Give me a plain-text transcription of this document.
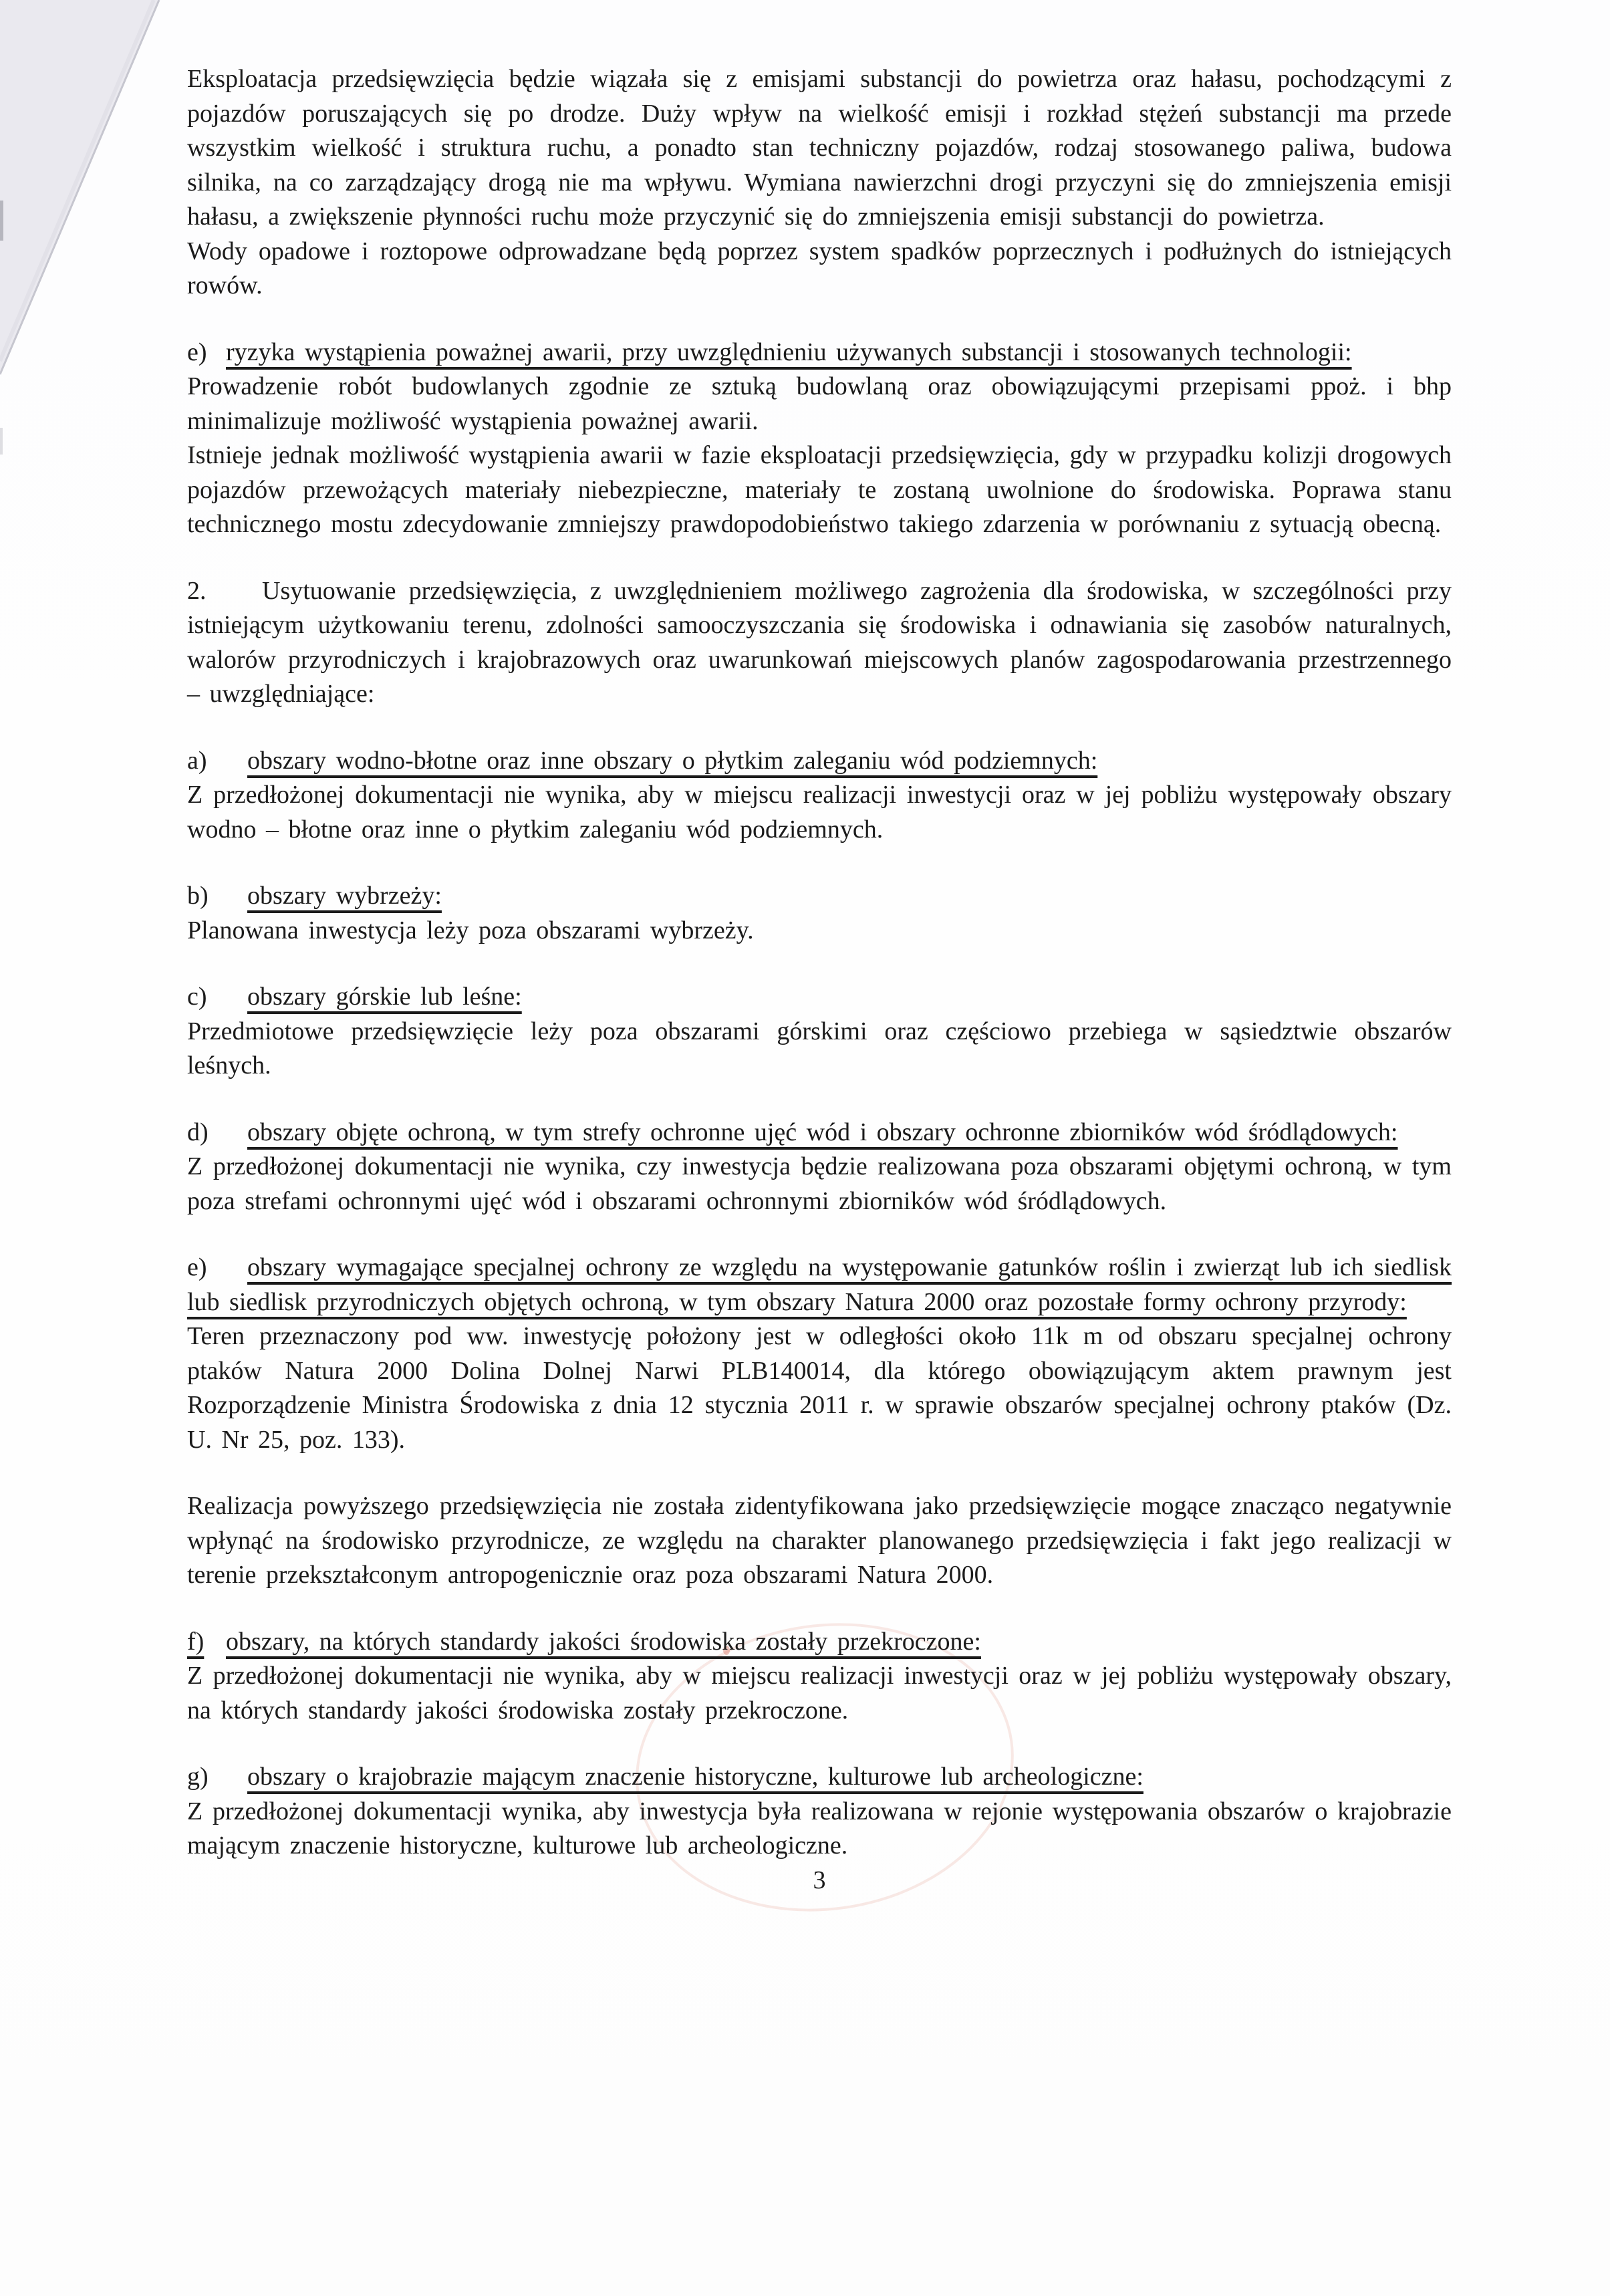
Eksploatacja przedsięwzięcia będzie wiązała się z emisjami substancji do powietrza oraz hałasu, pochodzącymi z pojazdów poruszających się po drodze. Duży wpływ na wielkość emisji i rozkład stężeń substancji ma przede wszystkim wielkość i struktura ruchu, a ponadto stan techniczny pojazdów, rodzaj stosowanego paliwa, budowa silnika, na co zarządzający drogą nie ma wpływu. Wymiana nawierzchni drogi przyczyni się do zmniejszenia emisji hałasu, a zwiększenie płynności ruchu może przyczynić się do zmniejszenia emisji substancji do powietrza.

Wody opadowe i roztopowe odprowadzane będą poprzez system spadków poprzecznych i podłużnych do istniejących rowów.

e) ryzyka wystąpienia poważnej awarii, przy uwzględnieniu używanych substancji i stosowanych technologii:

Prowadzenie robót budowlanych zgodnie ze sztuką budowlaną oraz obowiązującymi przepisami ppoż. i bhp minimalizuje możliwość wystąpienia poważnej awarii.

Istnieje jednak możliwość wystąpienia awarii w fazie eksploatacji przedsięwzięcia, gdy w przypadku kolizji drogowych pojazdów przewożących materiały niebezpieczne, materiały te zostaną uwolnione do środowiska. Poprawa stanu technicznego mostu zdecydowanie zmniejszy prawdopodobieństwo takiego zdarzenia w porównaniu z sytuacją obecną.

2. Usytuowanie przedsięwzięcia, z uwzględnieniem możliwego zagrożenia dla środowiska, w szczególności przy istniejącym użytkowaniu terenu, zdolności samooczyszczania się środowiska i odnawiania się zasobów naturalnych, walorów przyrodniczych i krajobrazowych oraz uwarunkowań miejscowych planów zagospodarowania przestrzennego – uwzględniające:

a) obszary wodno-błotne oraz inne obszary o płytkim zaleganiu wód podziemnych:

Z przedłożonej dokumentacji nie wynika, aby w miejscu realizacji inwestycji oraz w jej pobliżu występowały obszary wodno – błotne oraz inne o płytkim zaleganiu wód podziemnych.

b) obszary wybrzeży:

Planowana inwestycja leży poza obszarami wybrzeży.

c) obszary górskie lub leśne:

Przedmiotowe przedsięwzięcie leży poza obszarami górskimi oraz częściowo przebiega w sąsiedztwie obszarów leśnych.

d) obszary objęte ochroną, w tym strefy ochronne ujęć wód i obszary ochronne zbiorników wód śródlądowych:

Z przedłożonej dokumentacji nie wynika, czy inwestycja będzie realizowana poza obszarami objętymi ochroną, w tym poza strefami ochronnymi ujęć wód i obszarami ochronnymi zbiorników wód śródlądowych.

e) obszary wymagające specjalnej ochrony ze względu na występowanie gatunków roślin i zwierząt lub ich siedlisk lub siedlisk przyrodniczych objętych ochroną, w tym obszary Natura 2000 oraz pozostałe formy ochrony przyrody:

Teren przeznaczony pod ww. inwestycję położony jest w odległości około 11k m od obszaru specjalnej ochrony ptaków Natura 2000 Dolina Dolnej Narwi PLB140014, dla którego obowiązującym aktem prawnym jest Rozporządzenie Ministra Środowiska z dnia 12 stycznia 2011 r. w sprawie obszarów specjalnej ochrony ptaków (Dz. U. Nr 25, poz. 133).

Realizacja powyższego przedsięwzięcia nie została zidentyfikowana jako przedsięwzięcie mogące znacząco negatywnie wpłynąć na środowisko przyrodnicze, ze względu na charakter planowanego przedsięwzięcia i fakt jego realizacji w terenie przekształconym antropogenicznie oraz poza obszarami Natura 2000.

f) obszary, na których standardy jakości środowiska zostały przekroczone:

Z przedłożonej dokumentacji nie wynika, aby w miejscu realizacji inwestycji oraz w jej pobliżu występowały obszary, na których standardy jakości środowiska zostały przekroczone.

g) obszary o krajobrazie mającym znaczenie historyczne, kulturowe lub archeologiczne:

Z przedłożonej dokumentacji wynika, aby inwestycja była realizowana w rejonie występowania obszarów o krajobrazie mającym znaczenie historyczne, kulturowe lub archeologiczne.

3
